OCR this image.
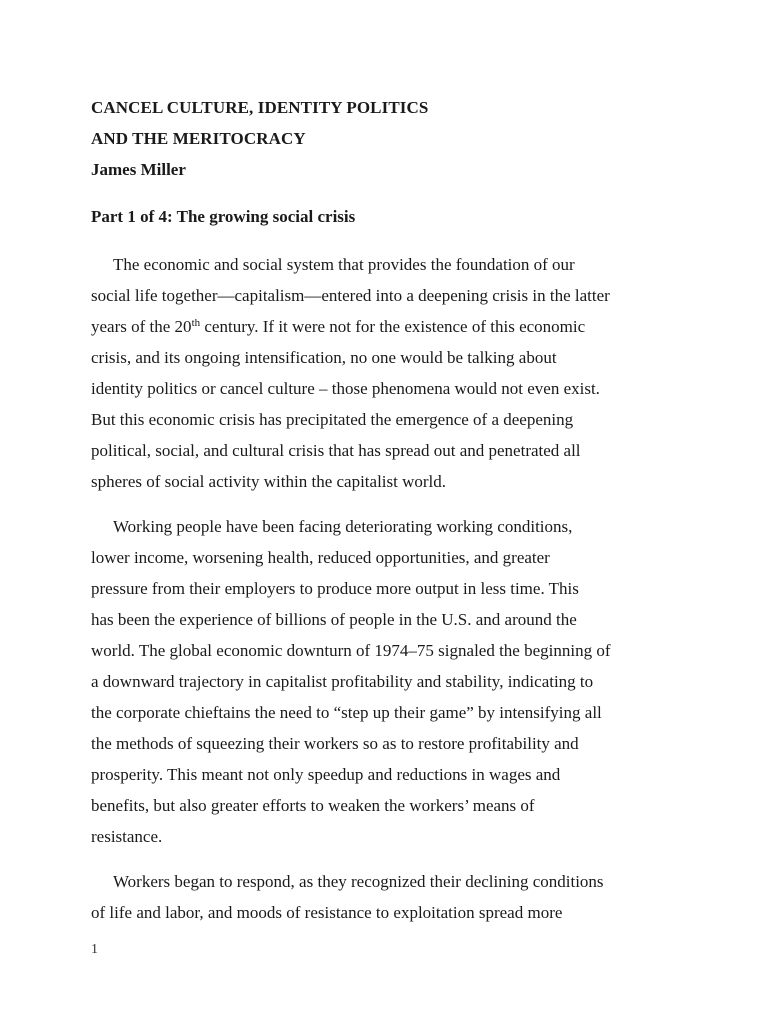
CANCEL CULTURE, IDENTITY POLITICS

AND THE MERITOCRACY

James Miller

Part 1 of 4: The growing social crisis

The economic and social system that provides the foundation of our
social life together—capitalism—entered into a deepening crisis in the latter
years of the 20th century. If it were not for the existence of this economic
crisis, and its ongoing intensification, no one would be talking about
identity politics or cancel culture – those phenomena would not even exist.
But this economic crisis has precipitated the emergence of a deepening
political, social, and cultural crisis that has spread out and penetrated all
spheres of social activity within the capitalist world.
Working people have been facing deteriorating working conditions,
lower income, worsening health, reduced opportunities, and greater
pressure from their employers to produce more output in less time. This
has been the experience of billions of people in the U.S. and around the
world. The global economic downturn of 1974–75 signaled the beginning of
a downward trajectory in capitalist profitability and stability, indicating to
the corporate chieftains the need to “step up their game” by intensifying all
the methods of squeezing their workers so as to restore profitability and
prosperity. This meant not only speedup and reductions in wages and
benefits, but also greater efforts to weaken the workers’ means of
resistance.
Workers began to respond, as they recognized their declining conditions
of life and labor, and moods of resistance to exploitation spread more
1
